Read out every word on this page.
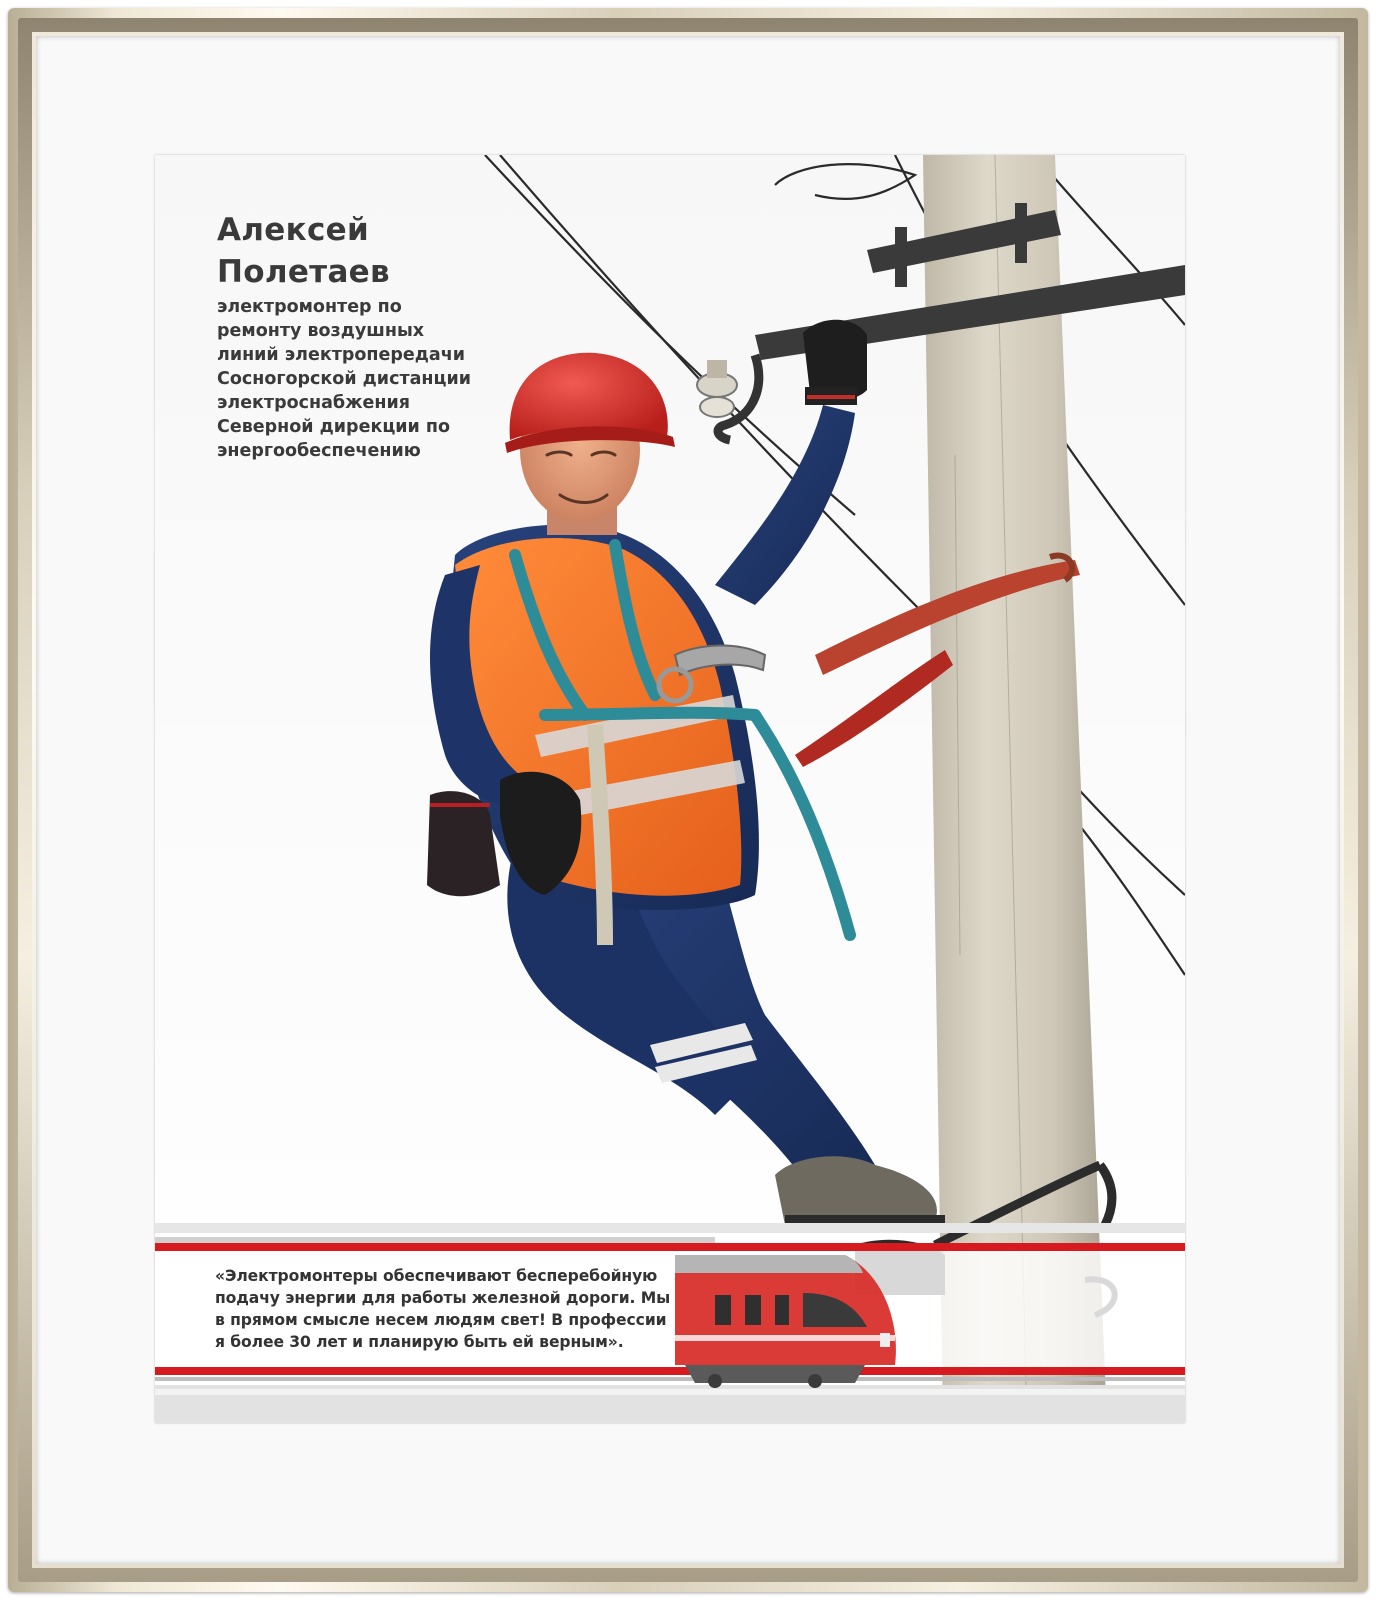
Алексей
Полетаев

электромонтер по
ремонту воздушных
линий электропередачи
Сосногорской дистанции
электроснабжения
Северной дирекции по
энергообеспечению

«Электромонтеры обеспечивают бесперебойную
подачу энергии для работы железной дороги. Мы
в прямом смысле несем людям свет! В профессии
я более 30 лет и планирую быть ей верным».
